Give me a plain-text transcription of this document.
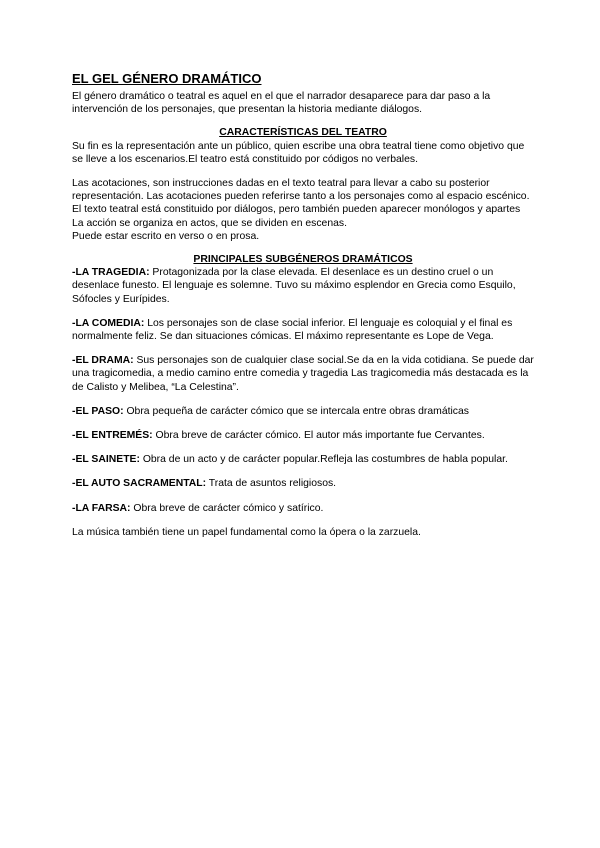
EL GEL GÉNERO DRAMÁTICO

El género dramático o teatral es aquel en el que el narrador desaparece para dar paso a la intervención de los personajes, que presentan la historia mediante diálogos.

CARACTERÍSTICAS DEL TEATRO

Su fin es la representación ante un público, quien escribe una obra teatral tiene como objetivo que se lleve a los escenarios.El teatro está constituido por códigos no verbales.

Las acotaciones, son instrucciones dadas en el texto teatral para llevar a cabo su posterior representación. Las acotaciones pueden referirse tanto a los personajes como al espacio escénico.

El texto teatral está constituido por diálogos, pero también pueden aparecer monólogos y apartes

La acción se organiza en actos, que se dividen en escenas.

Puede estar escrito en verso o en prosa.

PRINCIPALES SUBGÉNEROS DRAMÁTICOS

-LA TRAGEDIA: Protagonizada por la clase elevada. El desenlace es un destino cruel o un desenlace funesto. El lenguaje es solemne. Tuvo su máximo esplendor en Grecia como Esquilo, Sófocles y Eurípides.

-LA COMEDIA: Los personajes son de clase social inferior. El lenguaje es coloquial y el final es normalmente feliz. Se dan situaciones cómicas. El máximo representante es Lope de Vega.

-EL DRAMA: Sus personajes son de cualquier clase social.Se da en la vida cotidiana. Se puede dar una tragicomedia, a medio camino entre comedia y tragedia Las tragicomedia más destacada es la de Calisto y Melibea, “La Celestina”.

-EL PASO: Obra pequeña de carácter cómico que se intercala entre obras dramáticas

-EL ENTREMÉS: Obra breve de carácter cómico. El autor más importante fue Cervantes.

-EL SAINETE: Obra de un acto y de carácter popular.Refleja las costumbres de habla popular.

-EL AUTO SACRAMENTAL: Trata de asuntos religiosos.

-LA FARSA: Obra breve de carácter cómico y satírico.

La música también tiene un papel fundamental como la ópera o la zarzuela.
